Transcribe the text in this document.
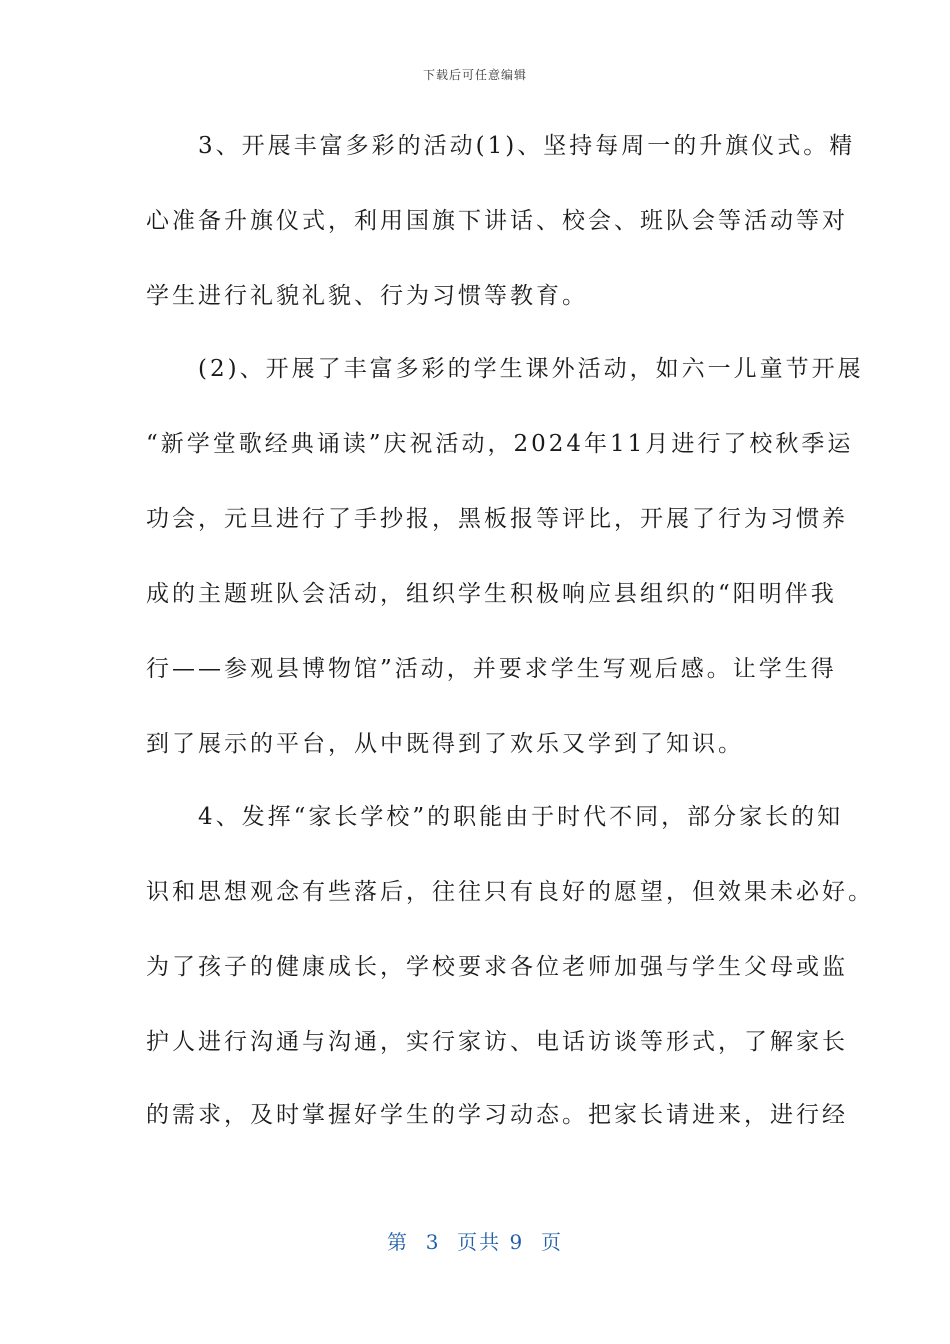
下载后可任意编辑
　　3、开展丰富多彩的活动(1)、坚持每周一的升旗仪式。精
心准备升旗仪式，利用国旗下讲话、校会、班队会等活动等对
学生进行礼貌礼貌、行为习惯等教育。
　　(2)、开展了丰富多彩的学生课外活动，如六一儿童节开展
“新学堂歌经典诵读”庆祝活动，2024年11月进行了校秋季运
功会，元旦进行了手抄报，黑板报等评比，开展了行为习惯养
成的主题班队会活动，组织学生积极响应县组织的“阳明伴我
行——参观县博物馆”活动，并要求学生写观后感。让学生得
到了展示的平台，从中既得到了欢乐又学到了知识。
　　4、发挥“家长学校”的职能由于时代不同，部分家长的知
识和思想观念有些落后，往往只有良好的愿望，但效果未必好。
为了孩子的健康成长，学校要求各位老师加强与学生父母或监
护人进行沟通与沟通，实行家访、电话访谈等形式，了解家长
的需求，及时掌握好学生的学习动态。把家长请进来，进行经
第  3  页共 9  页
